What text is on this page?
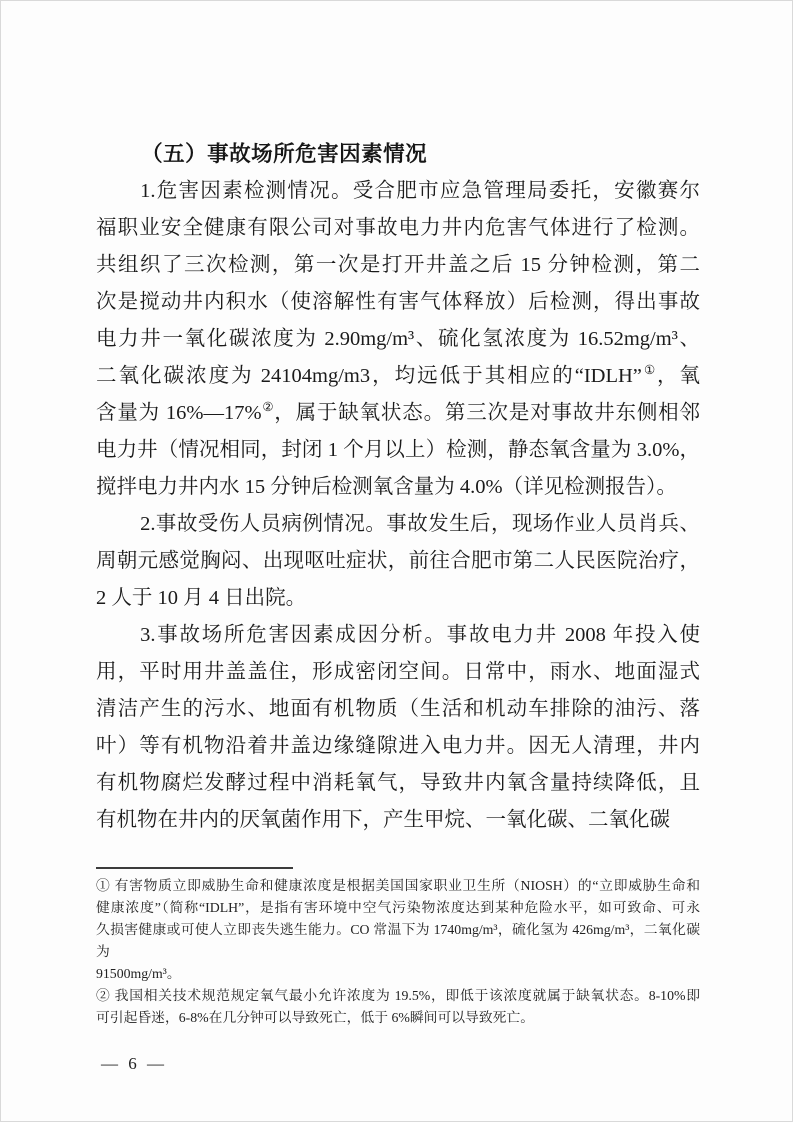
（五）事故场所危害因素情况
1.危害因素检测情况。受合肥市应急管理局委托，安徽赛尔
福职业安全健康有限公司对事故电力井内危害气体进行了检测。
共组织了三次检测，第一次是打开井盖之后 15 分钟检测，第二
次是搅动井内积水（使溶解性有害气体释放）后检测，得出事故
电力井一氧化碳浓度为 2.90mg/m³、硫化氢浓度为 16.52mg/m³、
二氧化碳浓度为 24104mg/m3，均远低于其相应的“IDLH”①，氧
含量为 16%—17%②，属于缺氧状态。第三次是对事故井东侧相邻
电力井（情况相同，封闭 1 个月以上）检测，静态氧含量为 3.0%，
搅拌电力井内水 15 分钟后检测氧含量为 4.0%（详见检测报告）。
2.事故受伤人员病例情况。事故发生后，现场作业人员肖兵、
周朝元感觉胸闷、出现呕吐症状，前往合肥市第二人民医院治疗，
2 人于 10 月 4 日出院。
3.事故场所危害因素成因分析。事故电力井 2008 年投入使
用，平时用井盖盖住，形成密闭空间。日常中，雨水、地面湿式
清洁产生的污水、地面有机物质（生活和机动车排除的油污、落
叶）等有机物沿着井盖边缘缝隙进入电力井。因无人清理，井内
有机物腐烂发酵过程中消耗氧气，导致井内氧含量持续降低，且
有机物在井内的厌氧菌作用下，产生甲烷、一氧化碳、二氧化碳
① 有害物质立即威胁生命和健康浓度是根据美国国家职业卫生所（NIOSH）的“立即威胁生命和
健康浓度”（简称“IDLH”，是指有害环境中空气污染物浓度达到某种危险水平，如可致命、可永
久损害健康或可使人立即丧失逃生能力。CO 常温下为 1740mg/m³，硫化氢为 426mg/m³，二氧化碳为
91500mg/m³。
② 我国相关技术规范规定氧气最小允许浓度为 19.5%，即低于该浓度就属于缺氧状态。8-10%即
可引起昏迷，6-8%在几分钟可以导致死亡，低于 6%瞬间可以导致死亡。
— 6 —
